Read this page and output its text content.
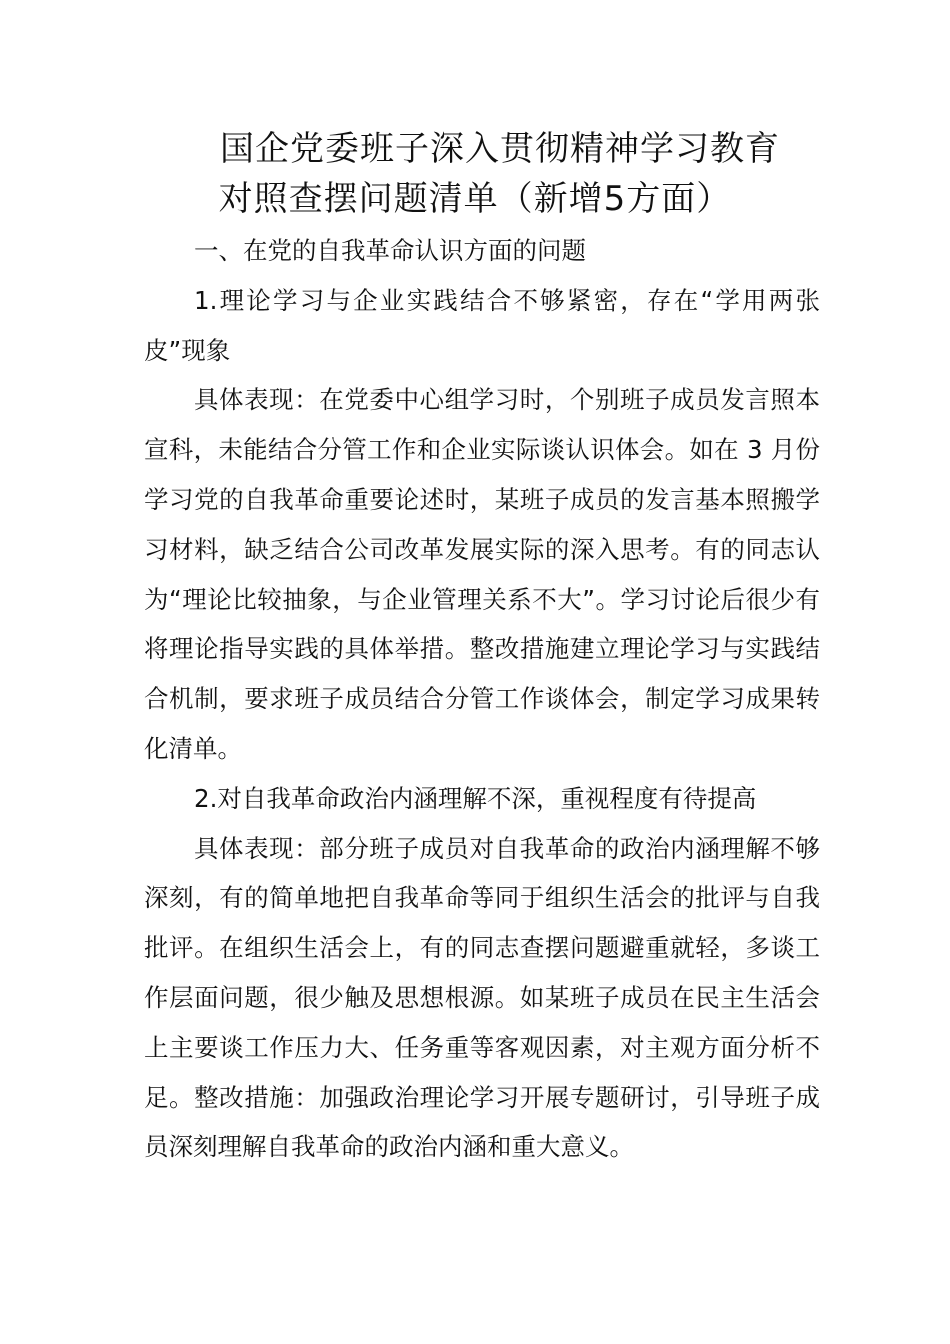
国企党委班子深入贯彻精神学习教育
对照查摆问题清单（新增5方面）

一、在党的自我革命认识方面的问题

1.理论学习与企业实践结合不够紧密，存在“学用两张皮”现象

具体表现：在党委中心组学习时，个别班子成员发言照本宣科，未能结合分管工作和企业实际谈认识体会。如在 3 月份学习党的自我革命重要论述时，某班子成员的发言基本照搬学习材料，缺乏结合公司改革发展实际的深入思考。有的同志认为“理论比较抽象，与企业管理关系不大”。学习讨论后很少有将理论指导实践的具体举措。整改措施建立理论学习与实践结合机制，要求班子成员结合分管工作谈体会，制定学习成果转化清单。

2.对自我革命政治内涵理解不深，重视程度有待提高

具体表现：部分班子成员对自我革命的政治内涵理解不够深刻，有的简单地把自我革命等同于组织生活会的批评与自我批评。在组织生活会上，有的同志查摆问题避重就轻，多谈工作层面问题，很少触及思想根源。如某班子成员在民主生活会上主要谈工作压力大、任务重等客观因素，对主观方面分析不足。整改措施：加强政治理论学习开展专题研讨，引导班子成员深刻理解自我革命的政治内涵和重大意义。
